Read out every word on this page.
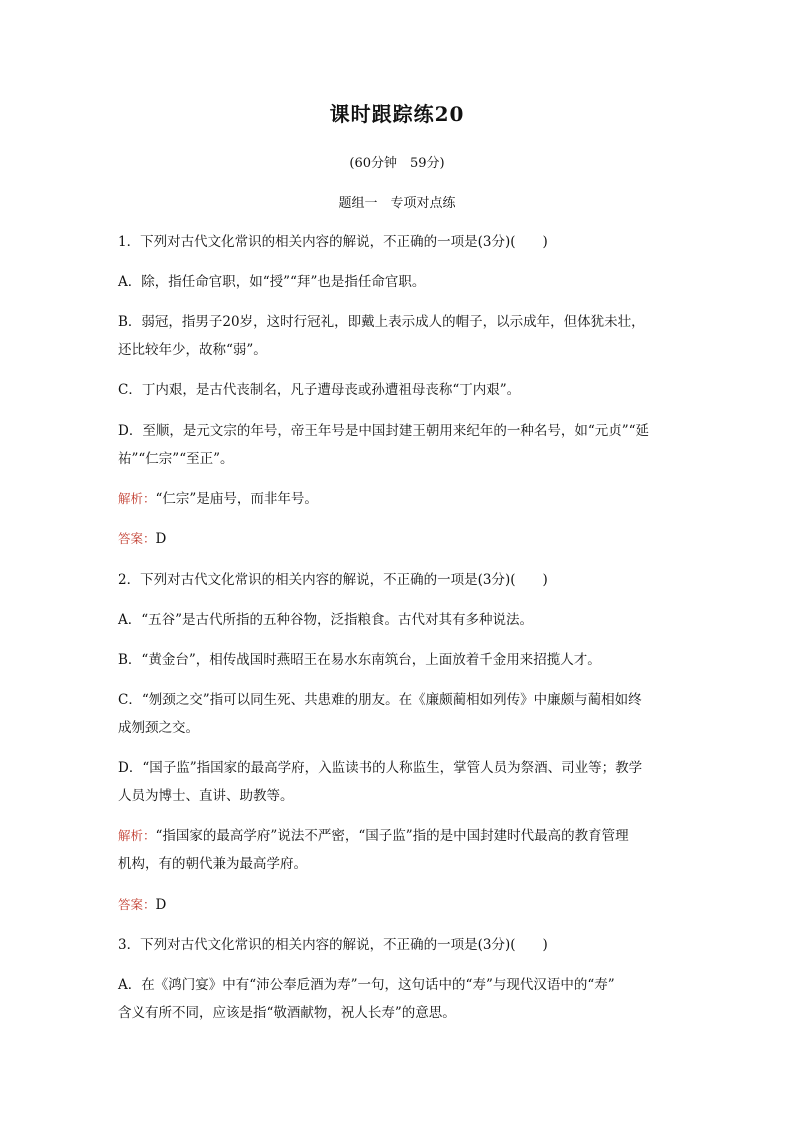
课时跟踪练20
(60分钟　59分)
题组一　专项对点练
1．下列对古代文化常识的相关内容的解说，不正确的一项是(3分)(　　)
A．除，指任命官职，如“授”“拜”也是指任命官职。
B．弱冠，指男子20岁，这时行冠礼，即戴上表示成人的帽子，以示成年，但体犹未壮，
还比较年少，故称“弱”。
C．丁内艰，是古代丧制名，凡子遭母丧或孙遭祖母丧称“丁内艰”。
D．至顺，是元文宗的年号，帝王年号是中国封建王朝用来纪年的一种名号，如“元贞”“延
祐”“仁宗”“至正”。
解析：“仁宗”是庙号，而非年号。
答案：D
2．下列对古代文化常识的相关内容的解说，不正确的一项是(3分)(　　)
A．“五谷”是古代所指的五种谷物，泛指粮食。古代对其有多种说法。
B．“黄金台”，相传战国时燕昭王在易水东南筑台，上面放着千金用来招揽人才。
C．“刎颈之交”指可以同生死、共患难的朋友。在《廉颇蔺相如列传》中廉颇与蔺相如终
成刎颈之交。
D．“国子监”指国家的最高学府，入监读书的人称监生，掌管人员为祭酒、司业等；教学
人员为博士、直讲、助教等。
解析：“指国家的最高学府”说法不严密，“国子监”指的是中国封建时代最高的教育管理
机构，有的朝代兼为最高学府。
答案：D
3．下列对古代文化常识的相关内容的解说，不正确的一项是(3分)(　　)
A．在《鸿门宴》中有“沛公奉卮酒为寿”一句，这句话中的“寿”与现代汉语中的“寿”
含义有所不同，应该是指“敬酒献物，祝人长寿”的意思。
